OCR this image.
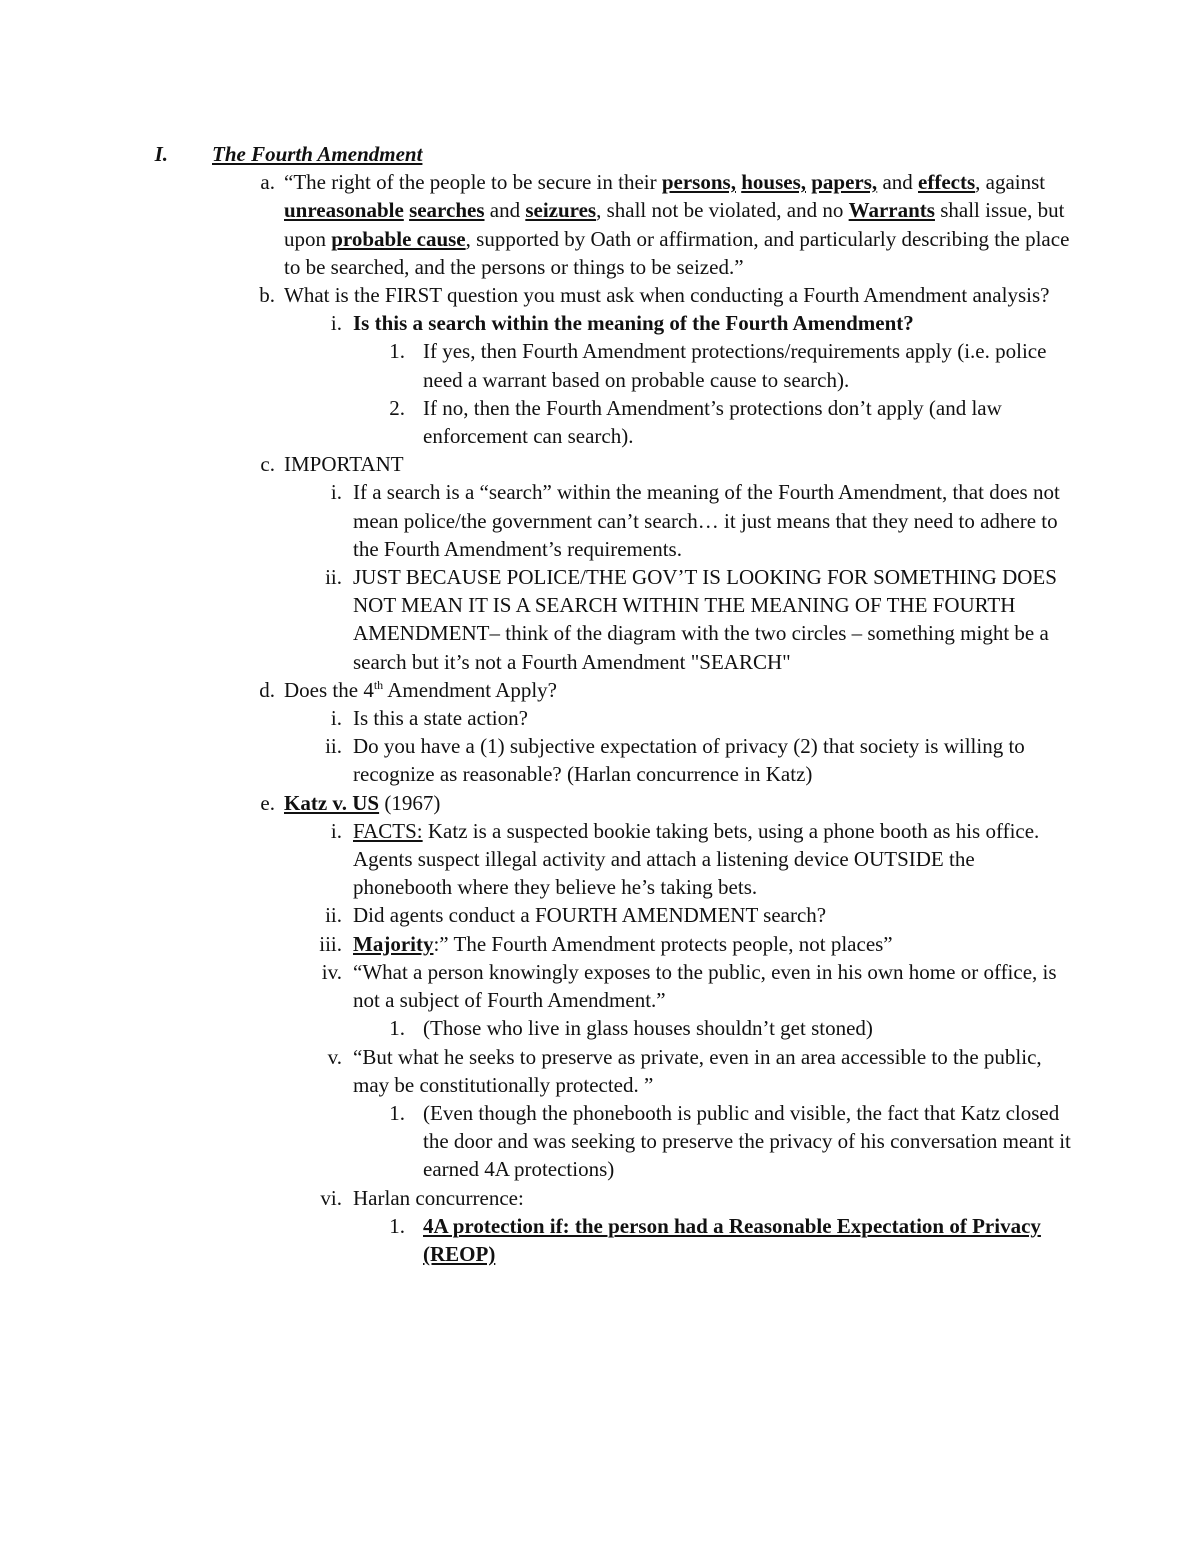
I. The Fourth Amendment
a. “The right of the people to be secure in their persons, houses, papers, and effects, against unreasonable searches and seizures, shall not be violated, and no Warrants shall issue, but upon probable cause, supported by Oath or affirmation, and particularly describing the place to be searched, and the persons or things to be seized.”
b. What is the FIRST question you must ask when conducting a Fourth Amendment analysis?
i. Is this a search within the meaning of the Fourth Amendment?
1. If yes, then Fourth Amendment protections/requirements apply (i.e. police need a warrant based on probable cause to search).
2. If no, then the Fourth Amendment’s protections don’t apply (and law enforcement can search).
c. IMPORTANT
i. If a search is a “search” within the meaning of the Fourth Amendment, that does not mean police/the government can’t search… it just means that they need to adhere to the Fourth Amendment’s requirements.
ii. JUST BECAUSE POLICE/THE GOV’T IS LOOKING FOR SOMETHING DOES NOT MEAN IT IS A SEARCH WITHIN THE MEANING OF THE FOURTH AMENDMENT– think of the diagram with the two circles – something might be a search but it’s not a Fourth Amendment "SEARCH"
d. Does the 4th Amendment Apply?
i. Is this a state action?
ii. Do you have a (1) subjective expectation of privacy (2) that society is willing to recognize as reasonable? (Harlan concurrence in Katz)
e. Katz v. US (1967)
i. FACTS: Katz is a suspected bookie taking bets, using a phone booth as his office. Agents suspect illegal activity and attach a listening device OUTSIDE the phonebooth where they believe he’s taking bets.
ii. Did agents conduct a FOURTH AMENDMENT search?
iii. Majority:” The Fourth Amendment protects people, not places”
iv. “What a person knowingly exposes to the public, even in his own home or office, is not a subject of Fourth Amendment.”
1. (Those who live in glass houses shouldn’t get stoned)
v. “But what he seeks to preserve as private, even in an area accessible to the public, may be constitutionally protected. ”
1. (Even though the phonebooth is public and visible, the fact that Katz closed the door and was seeking to preserve the privacy of his conversation meant it earned 4A protections)
vi. Harlan concurrence:
1. 4A protection if: the person had a Reasonable Expectation of Privacy (REOP)
